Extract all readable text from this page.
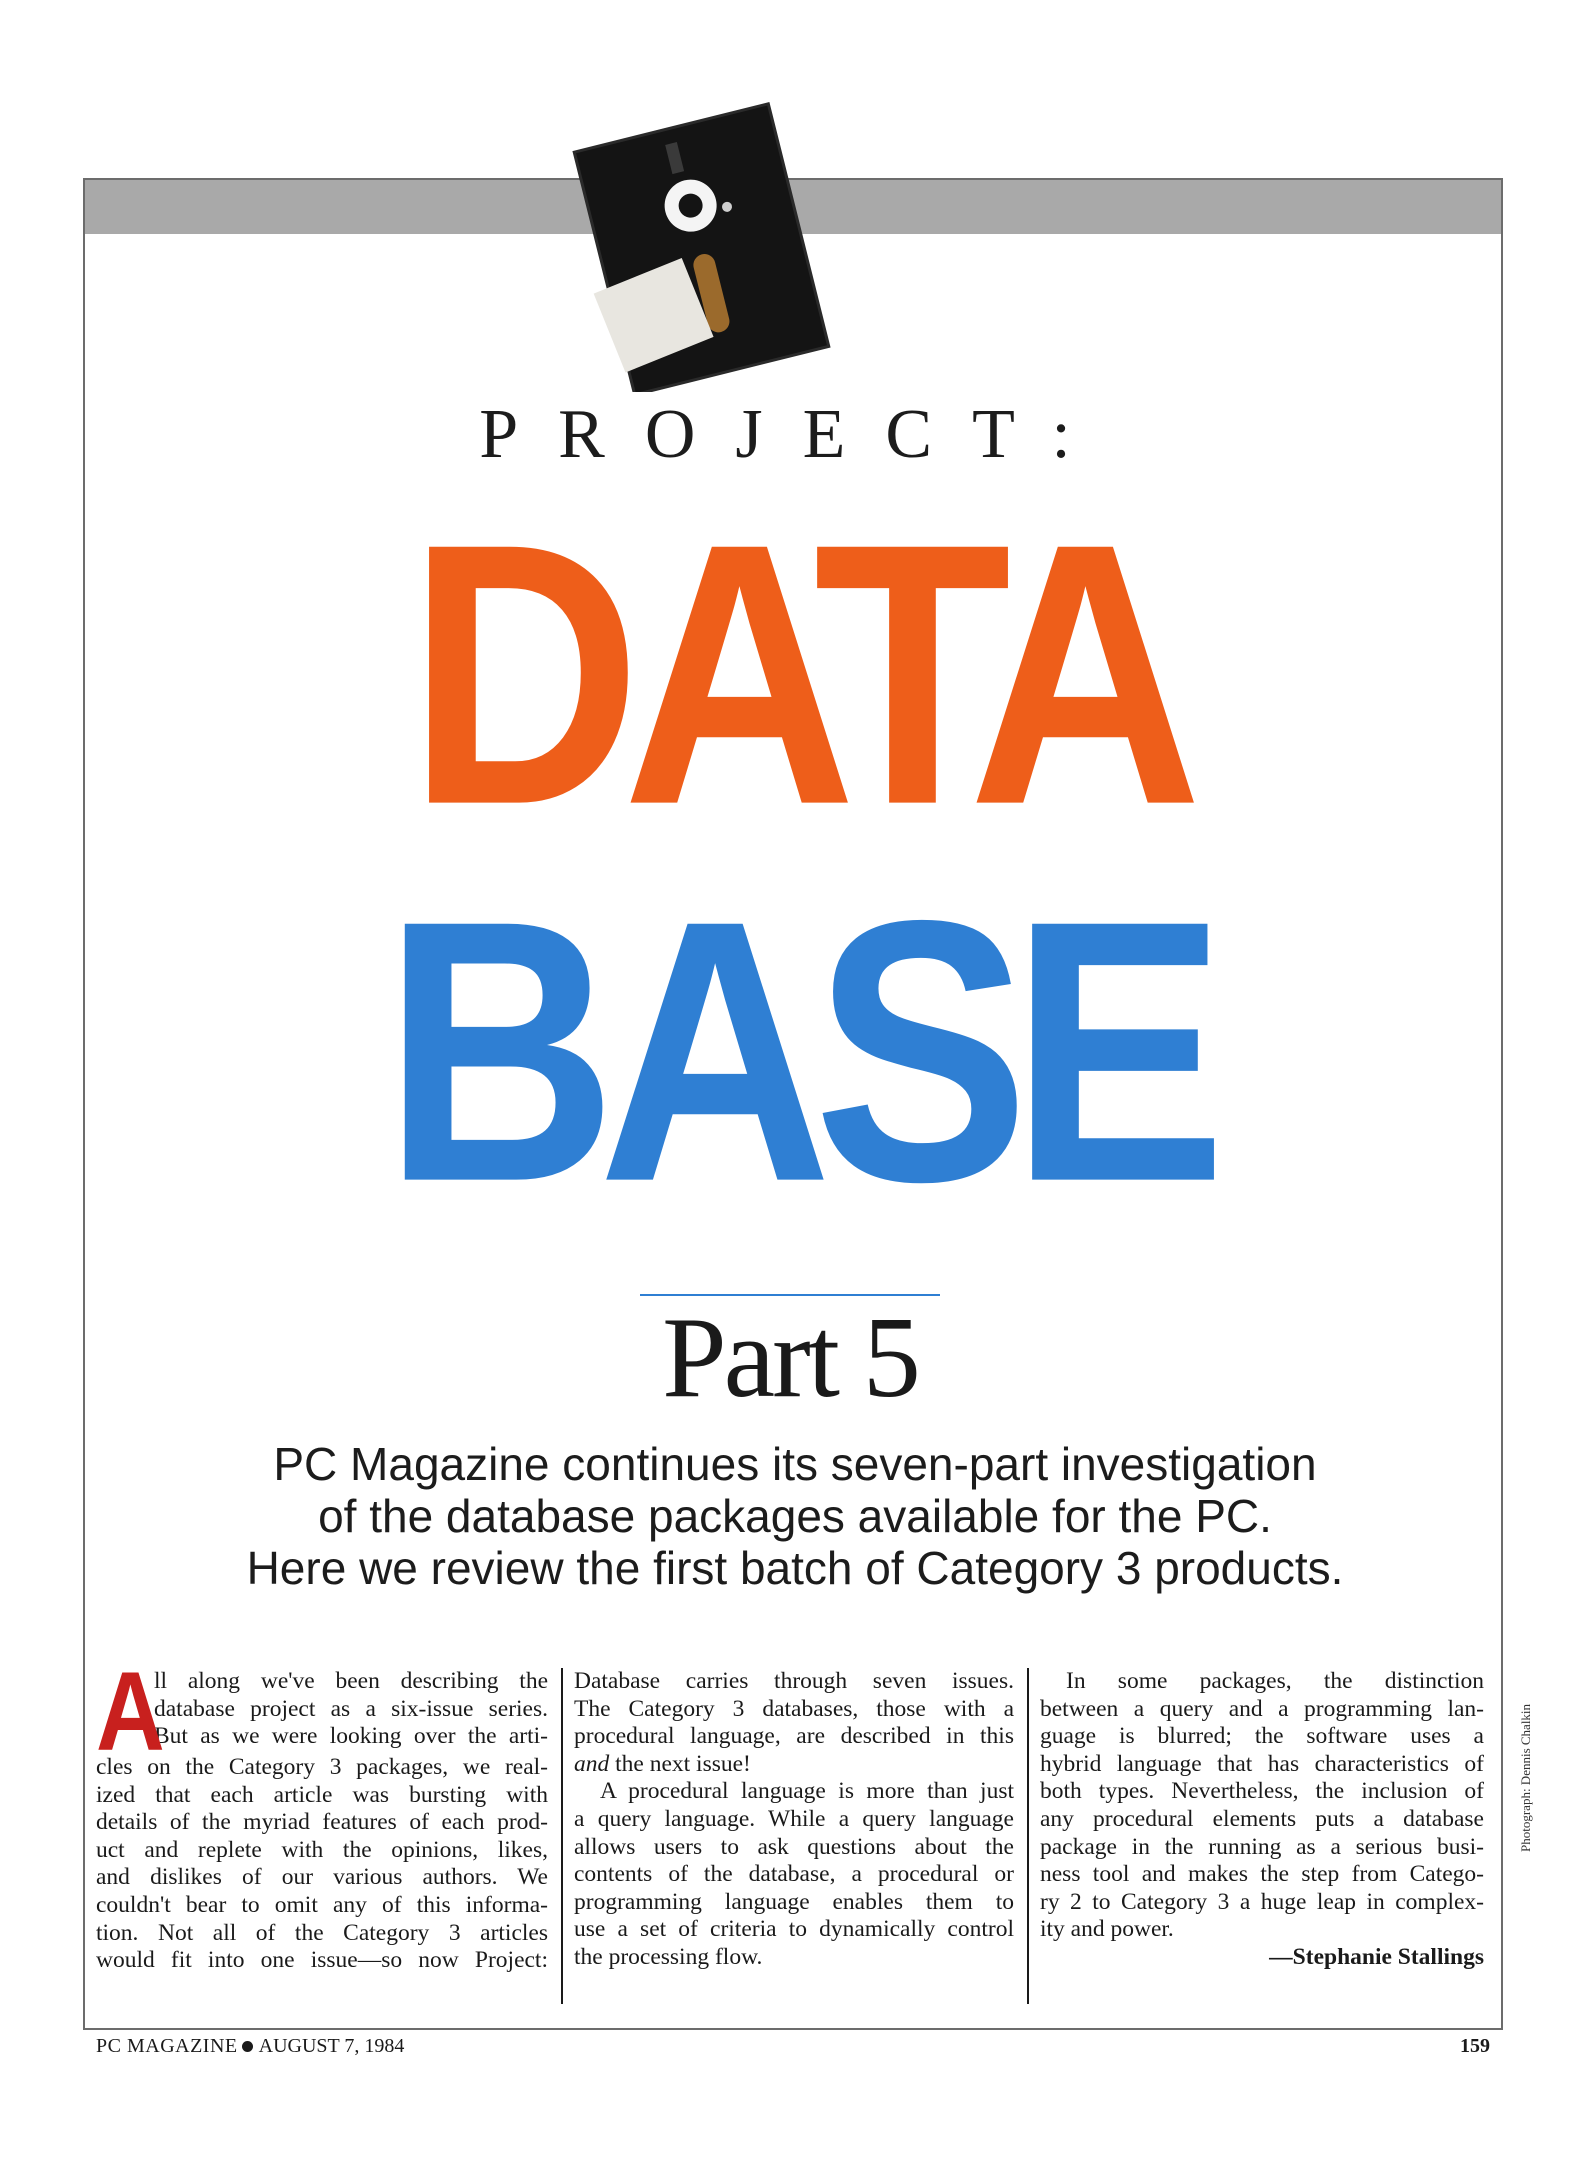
PROJECT:
DATA
BASE
Part 5
PC Magazine continues its seven-part investigation
of the database packages available for the PC.
Here we review the first batch of Category 3 products.
A
ll along we've been describing the
database project as a six-issue series.
But as we were looking over the arti-
cles on the Category 3 packages, we real-
ized that each article was bursting with
details of the myriad features of each prod-
uct and replete with the opinions, likes,
and dislikes of our various authors. We
couldn't bear to omit any of this informa-
tion. Not all of the Category 3 articles
would fit into one issue—so now Project:
Database carries through seven issues.
The Category 3 databases, those with a
procedural language, are described in this
and the next issue!
A procedural language is more than just
a query language. While a query language
allows users to ask questions about the
contents of the database, a procedural or
programming language enables them to
use a set of criteria to dynamically control
the processing flow.
In some packages, the distinction
between a query and a programming lan-
guage is blurred; the software uses a
hybrid language that has characteristics of
both types. Nevertheless, the inclusion of
any procedural elements puts a database
package in the running as a serious busi-
ness tool and makes the step from Catego-
ry 2 to Category 3 a huge leap in complex-
ity and power.
—Stephanie Stallings
Photograph: Dennis Chalkin
PC MAGAZINE AUGUST 7, 1984	159
